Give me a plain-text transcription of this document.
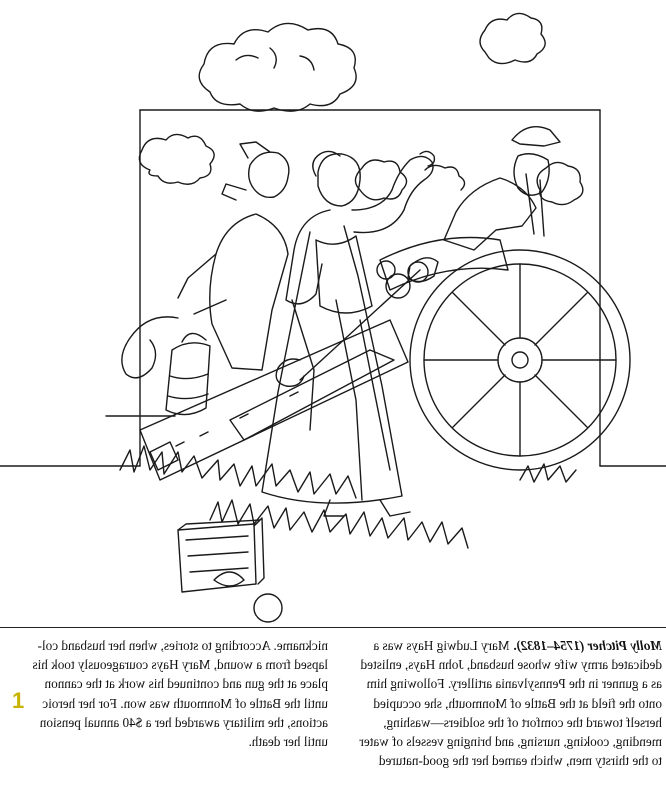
Molly Pitcher (1754–1832). Mary Ludwig Hays was a
dedicated army wife whose husband, John Hays, enlisted
as a gunner in the Pennsylvania artillery. Following him
onto the field at the Battle of Monmouth, she occupied
herself toward the comfort of the soldiers—washing,
mending, cooking, nursing, and bringing vessels of water
to the thirsty men, which earned her the good-natured
nickname. According to stories, when her husband col-
lapsed from a wound, Mary Hays courageously took his
place at the gun and continued his work at the cannon
until the Battle of Monmouth was won. For her heroic
actions, the military awarded her a $40 annual pension
until her death.
1
